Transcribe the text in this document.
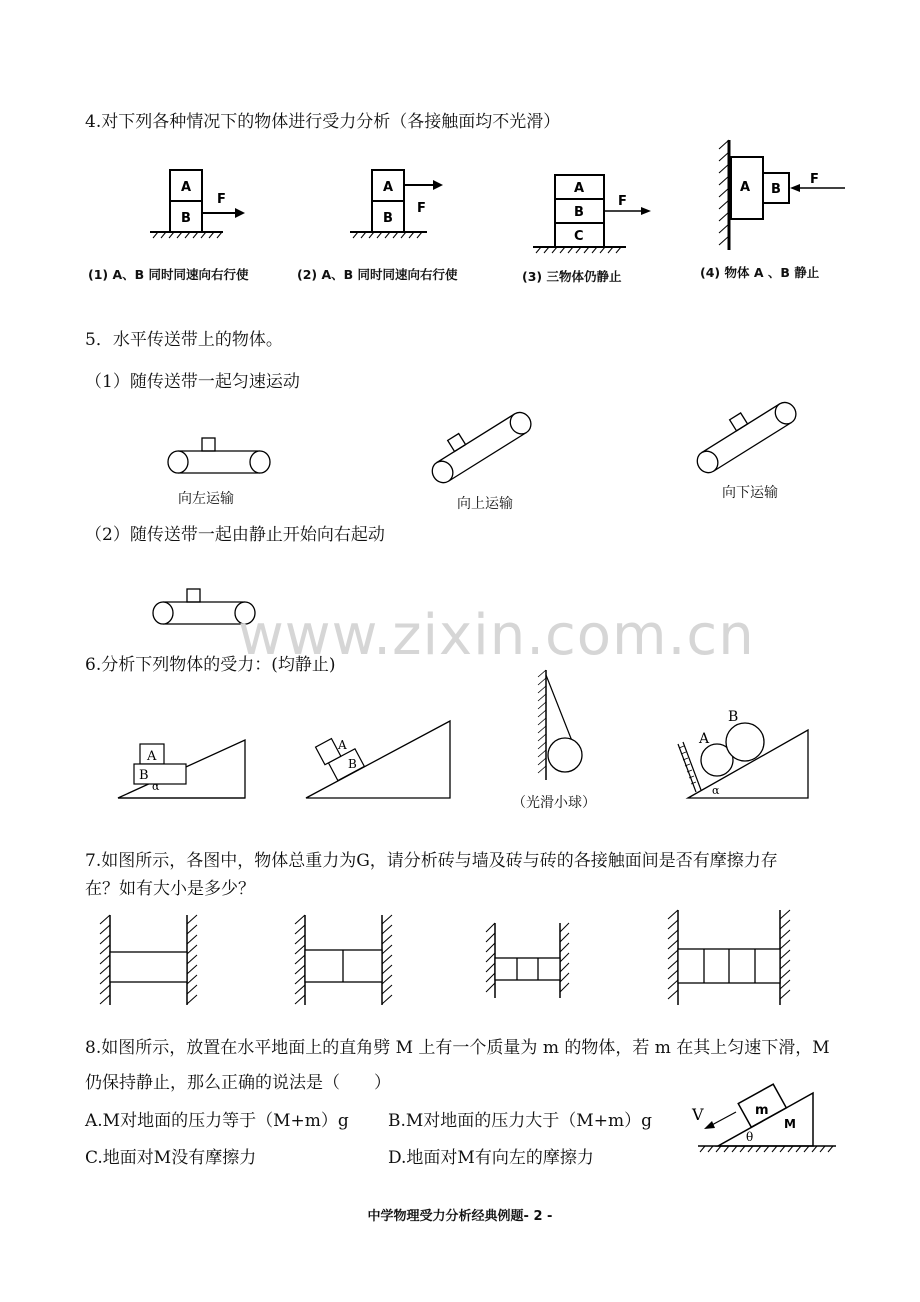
4.对下列各种情况下的物体进行受力分析（各接触面均不光滑）
A
B
F
(1) A、B 同时同速向右行使
A
B
F
(2) A、B 同时同速向右行使
A
B
C
F
(3) 三物体仍静止
A B
F
(4) 物体 A 、B 静止
5．水平传送带上的物体。
（1）随传送带一起匀速运动
向左运输	向上运输
向下运输
（2）随传送带一起由静止开始向右起动
www.zixin.com.cn
6.分析下列物体的受力：(均静止)
A
B
α
A
B
（光滑小球）
A
B
α
7.如图所示，各图中，物体总重力为G，请分析砖与墙及砖与砖的各接触面间是否有摩擦力存
在？如有大小是多少？
8.如图所示，放置在水平地面上的直角劈 M 上有一个质量为 m 的物体，若 m 在其上匀速下滑，M
仍保持静止，那么正确的说法是（　　）
A.M对地面的压力等于（M+m）g B.M对地面的压力大于（M+m）g
C.地面对M没有摩擦力	D.地面对M有向左的摩擦力
m
M
θ
V
中学物理受力分析经典例题- 2 -
